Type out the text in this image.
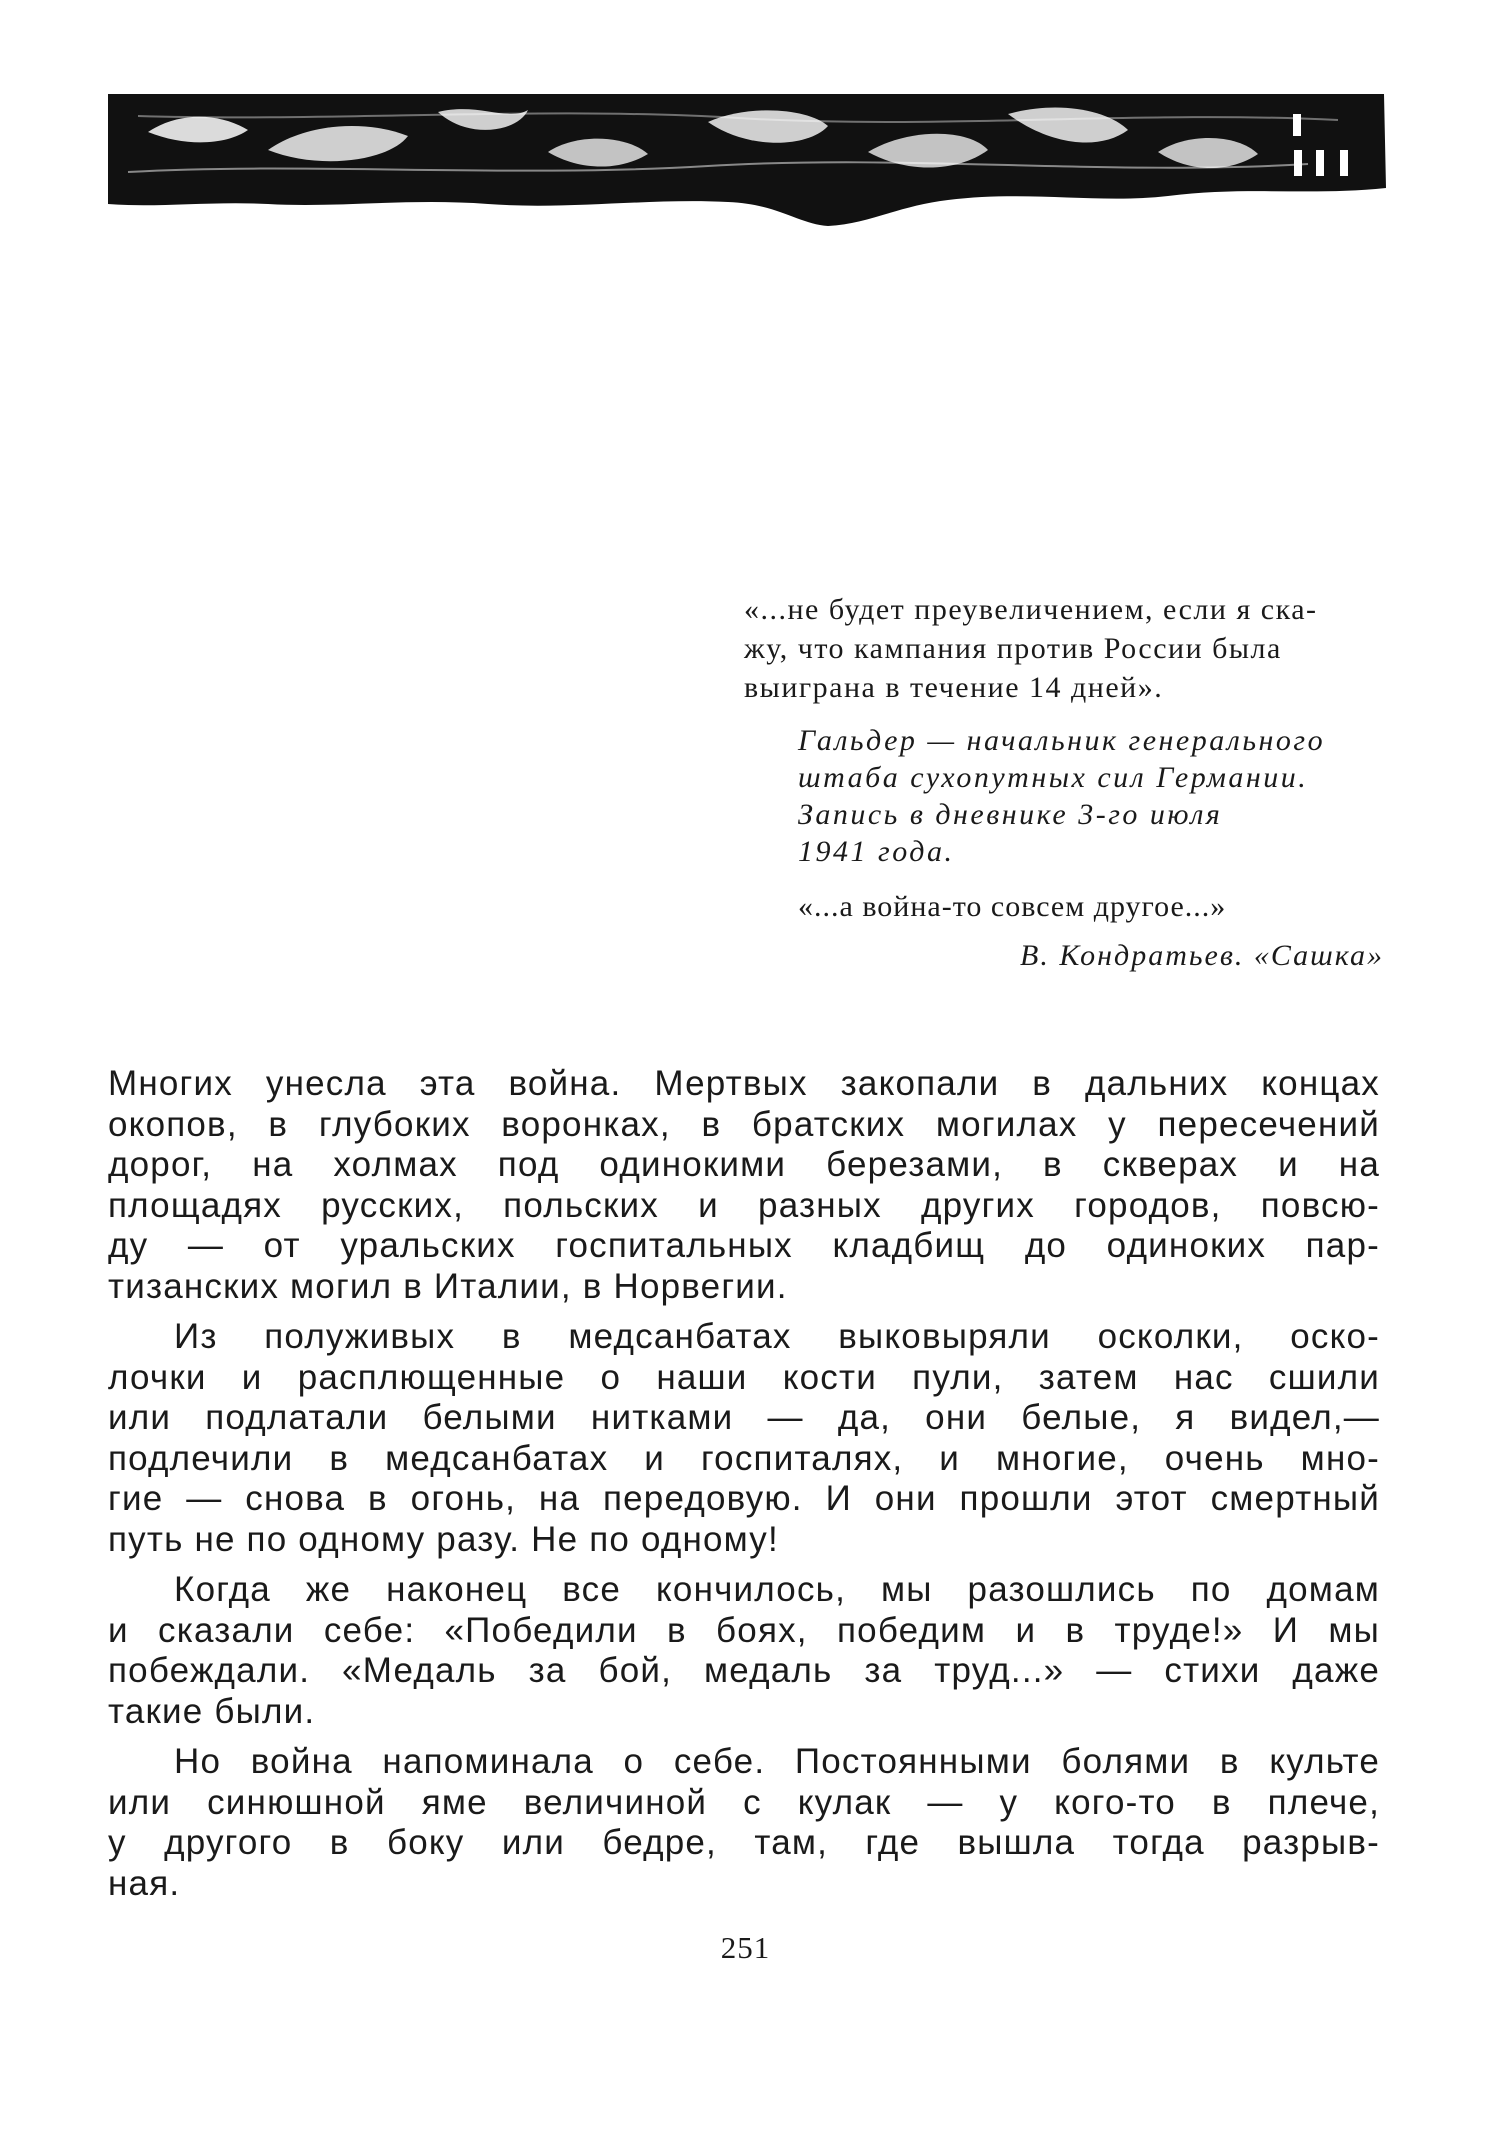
«...не будет преувеличением, если я ска-
жу, что кампания против России была
выиграна в течение 14 дней».
Гальдер — начальник генерального
штаба сухопутных сил Германии.
Запись в дневнике 3-го июля
1941 года.
«...а война-то совсем другое...»
В. Кондратьев. «Сашка»
Многих унесла эта война. Мертвых закопали в дальних концах
окопов, в глубоких воронках, в братских могилах у пересечений
дорог, на холмах под одинокими березами, в скверах и на
площадях русских, польских и разных других городов, повсю-
ду — от уральских госпитальных кладбищ до одиноких пар-
тизанских могил в Италии, в Норвегии.
Из полуживых в медсанбатах выковыряли осколки, оско-
лочки и расплющенные о наши кости пули, затем нас сшили
или подлатали белыми нитками — да, они белые, я видел,—
подлечили в медсанбатах и госпиталях, и многие, очень мно-
гие — снова в огонь, на передовую. И они прошли этот смертный
путь не по одному разу. Не по одному!
Когда же наконец все кончилось, мы разошлись по домам
и сказали себе: «Победили в боях, победим и в труде!» И мы
побеждали. «Медаль за бой, медаль за труд...» — стихи даже
такие были.
Но война напоминала о себе. Постоянными болями в культе
или синюшной яме величиной с кулак — у кого-то в плече,
у другого в боку или бедре, там, где вышла тогда разрыв-
ная.
251
